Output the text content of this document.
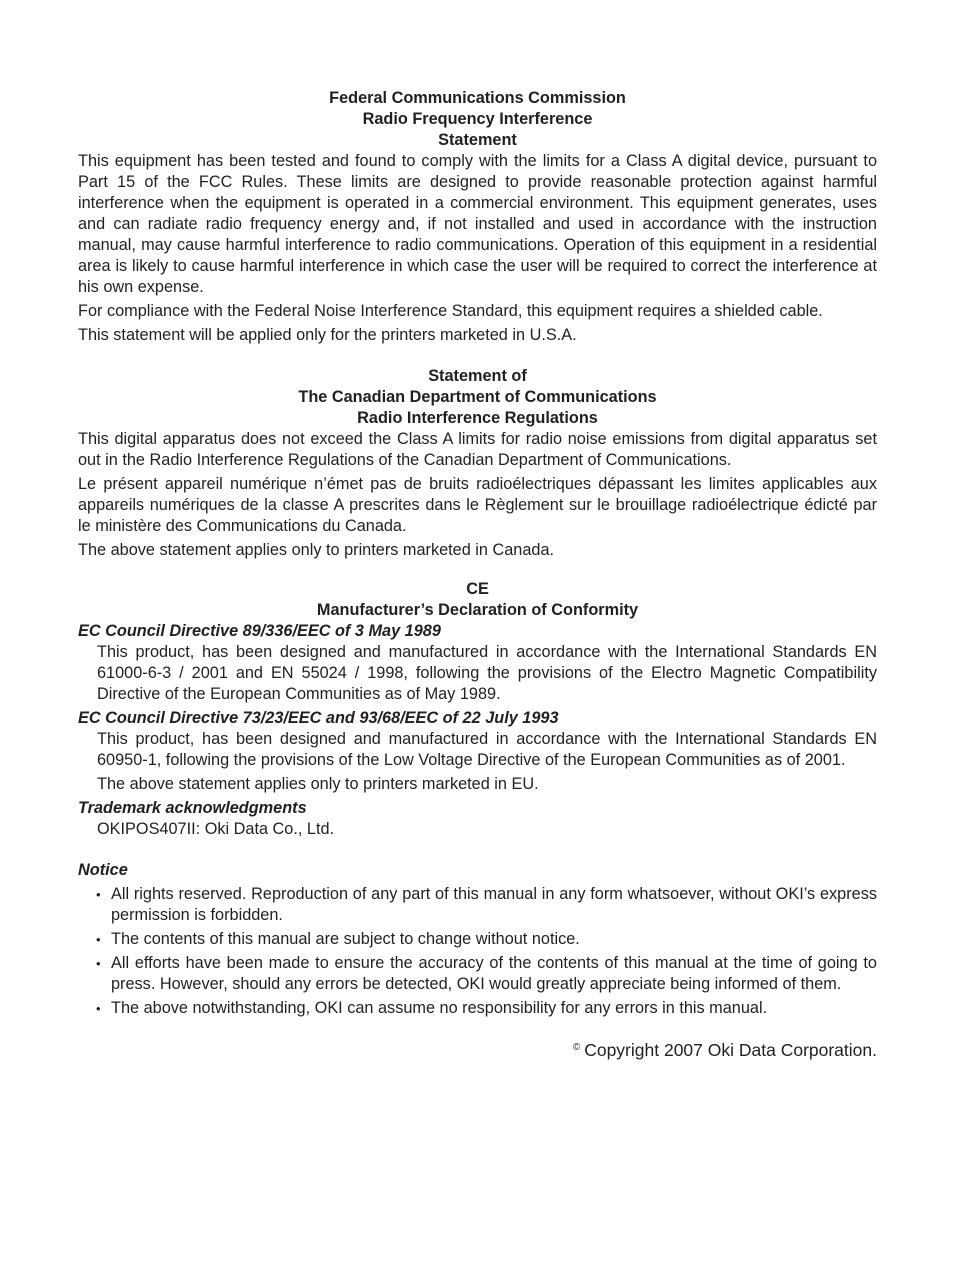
Federal Communications Commission
Radio Frequency Interference
Statement

This equipment has been tested and found to comply with the limits for a Class A digital device, pursuant to Part 15 of the FCC Rules. These limits are designed to provide reasonable protection against harmful interference when the equipment is operated in a commercial environment. This equipment generates, uses and can radiate radio frequency energy and, if not installed and used in accordance with the instruction manual, may cause harmful interference to radio communications. Operation of this equipment in a residential area is likely to cause harmful interference in which case the user will be required to correct the interference at his own expense.

For compliance with the Federal Noise Interference Standard, this equipment requires a shielded cable.

This statement will be applied only for the printers marketed in U.S.A.

Statement of
The Canadian Department of Communications
Radio Interference Regulations

This digital apparatus does not exceed the Class A limits for radio noise emissions from digital apparatus set out in the Radio Interference Regulations of the Canadian Department of Communications.

Le présent appareil numérique n’émet pas de bruits radioélectriques dépassant les limites applicables aux appareils numériques de la classe A prescrites dans le Règlement sur le brouillage radioélectrique édicté par le ministère des Communications du Canada.

The above statement applies only to printers marketed in Canada.

CE
Manufacturer’s Declaration of Conformity
EC Council Directive 89/336/EEC of 3 May 1989

This product, has been designed and manufactured in accordance with the International Standards EN 61000-6-3 / 2001 and EN 55024 / 1998, following the provisions of the Electro Magnetic Compatibility Directive of the European Communities as of May 1989.

EC Council Directive 73/23/EEC and 93/68/EEC of 22 July 1993

This product, has been designed and manufactured in accordance with the International Standards EN 60950-1, following the provisions of the Low Voltage Directive of the European Communities as of 2001.

The above statement applies only to printers marketed in EU.

Trademark acknowledgments

OKIPOS407II: Oki Data Co., Ltd.

Notice
• All rights reserved. Reproduction of any part of this manual in any form whatsoever, without OKI’s express permission is forbidden.
• The contents of this manual are subject to change without notice.
• All efforts have been made to ensure the accuracy of the contents of this manual at the time of going to press. However, should any errors be detected, OKI would greatly appreciate being informed of them.
• The above notwithstanding, OKI can assume no responsibility for any errors in this manual.
© Copyright 2007 Oki Data Corporation.
